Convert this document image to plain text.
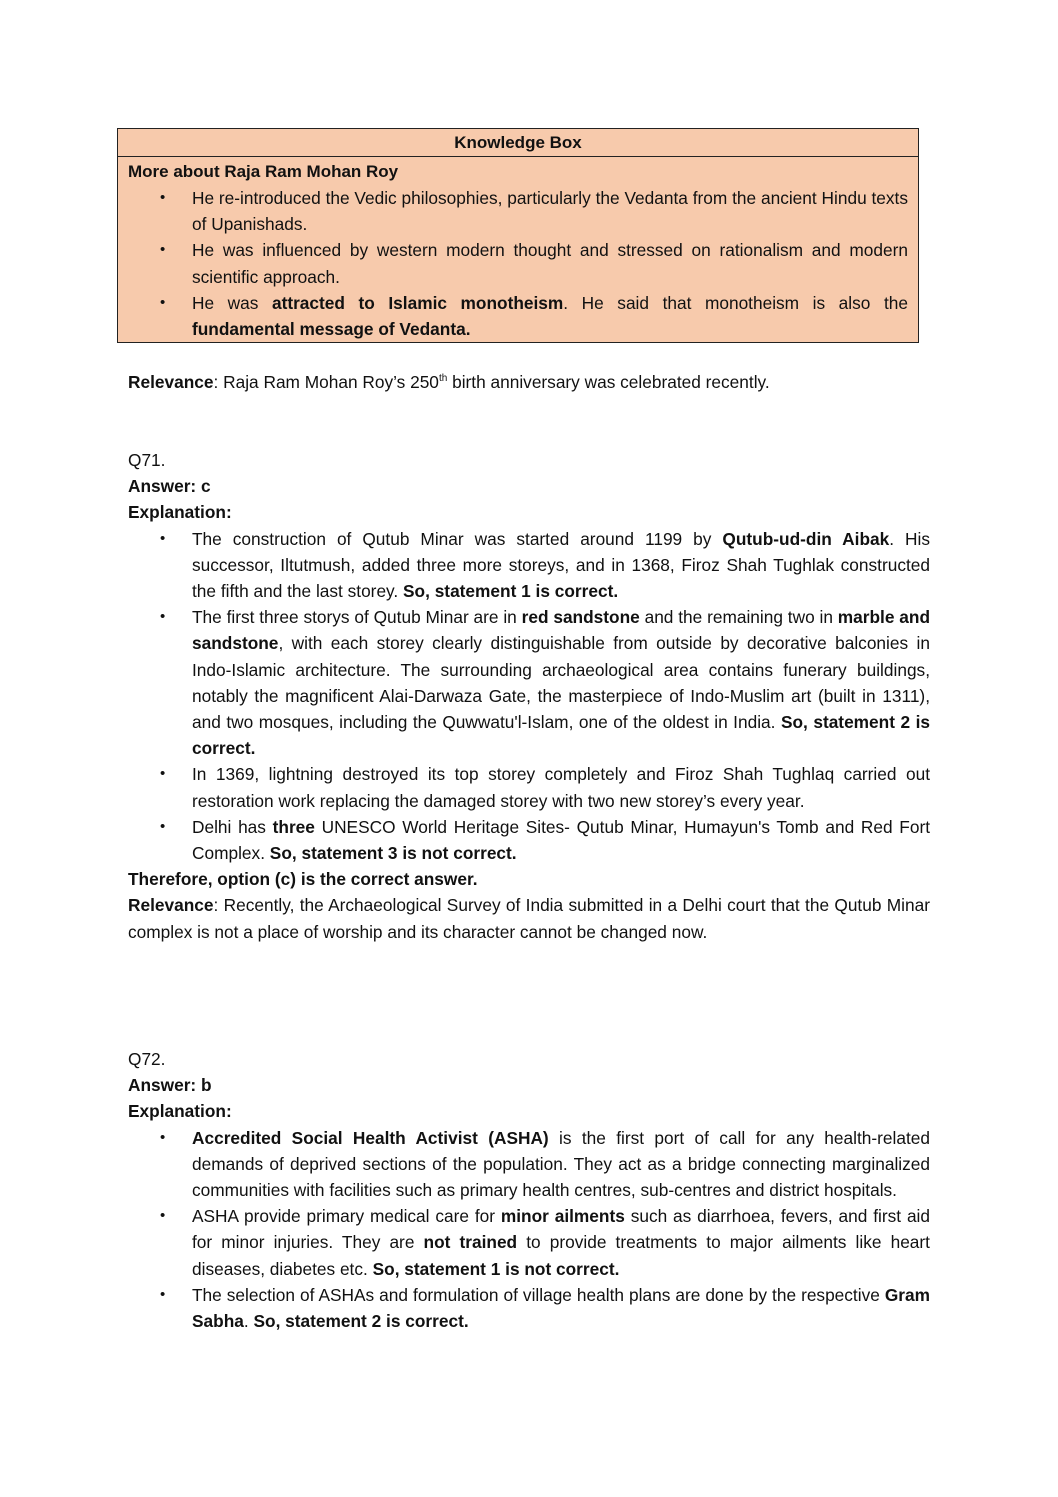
Knowledge Box
More about Raja Ram Mohan Roy
• He re-introduced the Vedic philosophies, particularly the Vedanta from the ancient Hindu texts of Upanishads.
• He was influenced by western modern thought and stressed on rationalism and modern scientific approach.
• He was attracted to Islamic monotheism. He said that monotheism is also the fundamental message of Vedanta.
Relevance: Raja Ram Mohan Roy’s 250th birth anniversary was celebrated recently.
Q71.
Answer: c
Explanation:
• The construction of Qutub Minar was started around 1199 by Qutub-ud-din Aibak. His successor, Iltutmush, added three more storeys, and in 1368, Firoz Shah Tughlak constructed the fifth and the last storey. So, statement 1 is correct.
• The first three storys of Qutub Minar are in red sandstone and the remaining two in marble and sandstone, with each storey clearly distinguishable from outside by decorative balconies in Indo-Islamic architecture. The surrounding archaeological area contains funerary buildings, notably the magnificent Alai-Darwaza Gate, the masterpiece of Indo-Muslim art (built in 1311), and two mosques, including the Quwwatu'l-Islam, one of the oldest in India. So, statement 2 is correct.
• In 1369, lightning destroyed its top storey completely and Firoz Shah Tughlaq carried out restoration work replacing the damaged storey with two new storey’s every year.
• Delhi has three UNESCO World Heritage Sites- Qutub Minar, Humayun's Tomb and Red Fort Complex. So, statement 3 is not correct.
Therefore, option (c) is the correct answer.
Relevance: Recently, the Archaeological Survey of India submitted in a Delhi court that the Qutub Minar complex is not a place of worship and its character cannot be changed now.
Q72.
Answer: b
Explanation:
• Accredited Social Health Activist (ASHA) is the first port of call for any health-related demands of deprived sections of the population. They act as a bridge connecting marginalized communities with facilities such as primary health centres, sub-centres and district hospitals.
• ASHA provide primary medical care for minor ailments such as diarrhoea, fevers, and first aid for minor injuries. They are not trained to provide treatments to major ailments like heart diseases, diabetes etc. So, statement 1 is not correct.
• The selection of ASHAs and formulation of village health plans are done by the respective Gram Sabha. So, statement 2 is correct.
